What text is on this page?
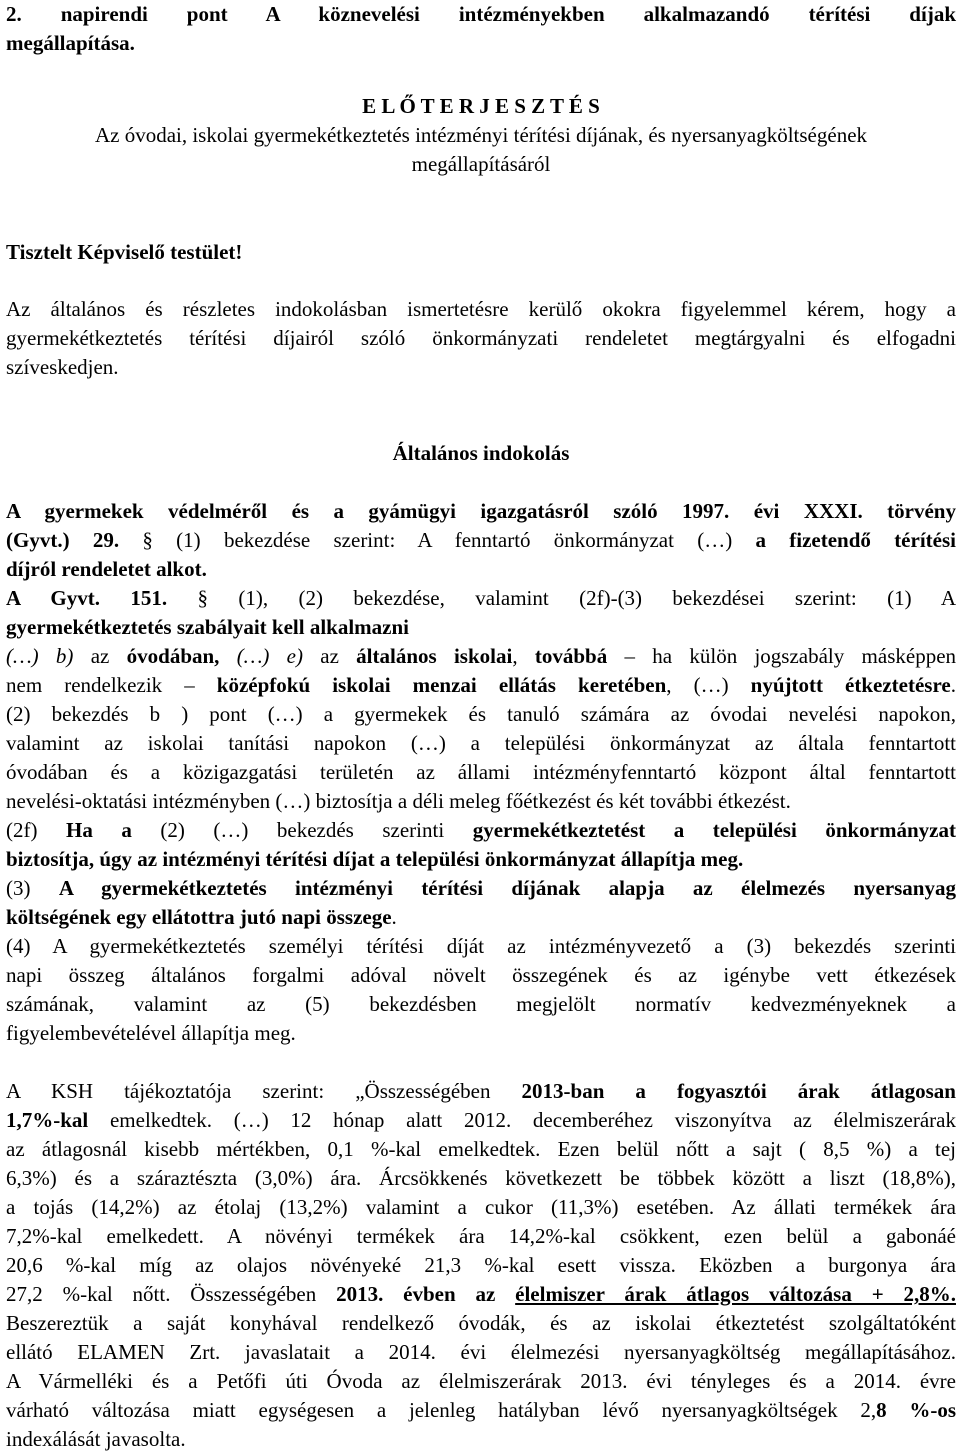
2. napirendi pont A köznevelési intézményekben alkalmazandó térítési díjak
megállapítása.
E L Ő T E R J E S Z T É S
Az óvodai, iskolai gyermekétkeztetés intézményi térítési díjának, és nyersanyagköltségének
megállapításáról
Tisztelt Képviselő testület!
Az általános és részletes indokolásban ismertetésre kerülő okokra figyelemmel kérem, hogy a
gyermekétkeztetés térítési díjairól szóló önkormányzati rendeletet megtárgyalni és elfogadni
szíveskedjen.
Általános indokolás
A gyermekek védelméről és a gyámügyi igazgatásról szóló 1997. évi XXXI. törvény
(Gyvt.) 29. § (1) bekezdése szerint: A fenntartó önkormányzat (…) a fizetendő térítési
díjról rendeletet alkot.
A Gyvt. 151. § (1), (2) bekezdése, valamint (2f)-(3) bekezdései szerint: (1) A
gyermekétkeztetés szabályait kell alkalmazni
(…) b) az óvodában, (…) e) az általános iskolai, továbbá – ha külön jogszabály másképpen
nem rendelkezik – középfokú iskolai menzai ellátás keretében, (…) nyújtott étkeztetésre.
(2) bekezdés b ) pont (…) a gyermekek és tanuló számára az óvodai nevelési napokon,
valamint az iskolai tanítási napokon (…) a települési önkormányzat az általa fenntartott
óvodában és a közigazgatási területén az állami intézményfenntartó központ által fenntartott
nevelési-oktatási intézményben (…) biztosítja a déli meleg főétkezést és két további étkezést.
(2f) Ha a (2) (…) bekezdés szerinti gyermekétkeztetést a települési önkormányzat
biztosítja, úgy az intézményi térítési díjat a települési önkormányzat állapítja meg.
(3) A gyermekétkeztetés intézményi térítési díjának alapja az élelmezés nyersanyag
költségének egy ellátottra jutó napi összege.
(4) A gyermekétkeztetés személyi térítési díját az intézményvezető a (3) bekezdés szerinti
napi összeg általános forgalmi adóval növelt összegének és az igénybe vett étkezések
számának, valamint az (5) bekezdésben megjelölt normatív kedvezményeknek a
figyelembevételével állapítja meg.
A KSH tájékoztatója szerint: „Összességében 2013-ban a fogyasztói árak átlagosan
1,7%-kal emelkedtek. (…) 12 hónap alatt 2012. decemberéhez viszonyítva az élelmiszerárak
az átlagosnál kisebb mértékben, 0,1 %-kal emelkedtek. Ezen belül nőtt a sajt ( 8,5 %) a tej
6,3%) és a száraztészta (3,0%) ára. Árcsökkenés következett be többek között a liszt (18,8%),
a tojás (14,2%) az étolaj (13,2%) valamint a cukor (11,3%) esetében. Az állati termékek ára
7,2%-kal emelkedett. A növényi termékek ára 14,2%-kal csökkent, ezen belül a gabonáé
20,6 %-kal míg az olajos növényeké 21,3 %-kal esett vissza. Eközben a burgonya ára
27,2 %-kal nőtt. Összességében 2013. évben az élelmiszer árak átlagos változása + 2,8%.
Beszereztük a saját konyhával rendelkező óvodák, és az iskolai étkeztetést szolgáltatóként
ellátó ELAMEN Zrt. javaslatait a 2014. évi élelmezési nyersanyagköltség megállapításához.
A Vármelléki és a Petőfi úti Óvoda az élelmiszerárak 2013. évi tényleges és a 2014. évre
várható változása miatt egységesen a jelenleg hatályban lévő nyersanyagköltségek 2,8 %-os
indexálását javasolta.
